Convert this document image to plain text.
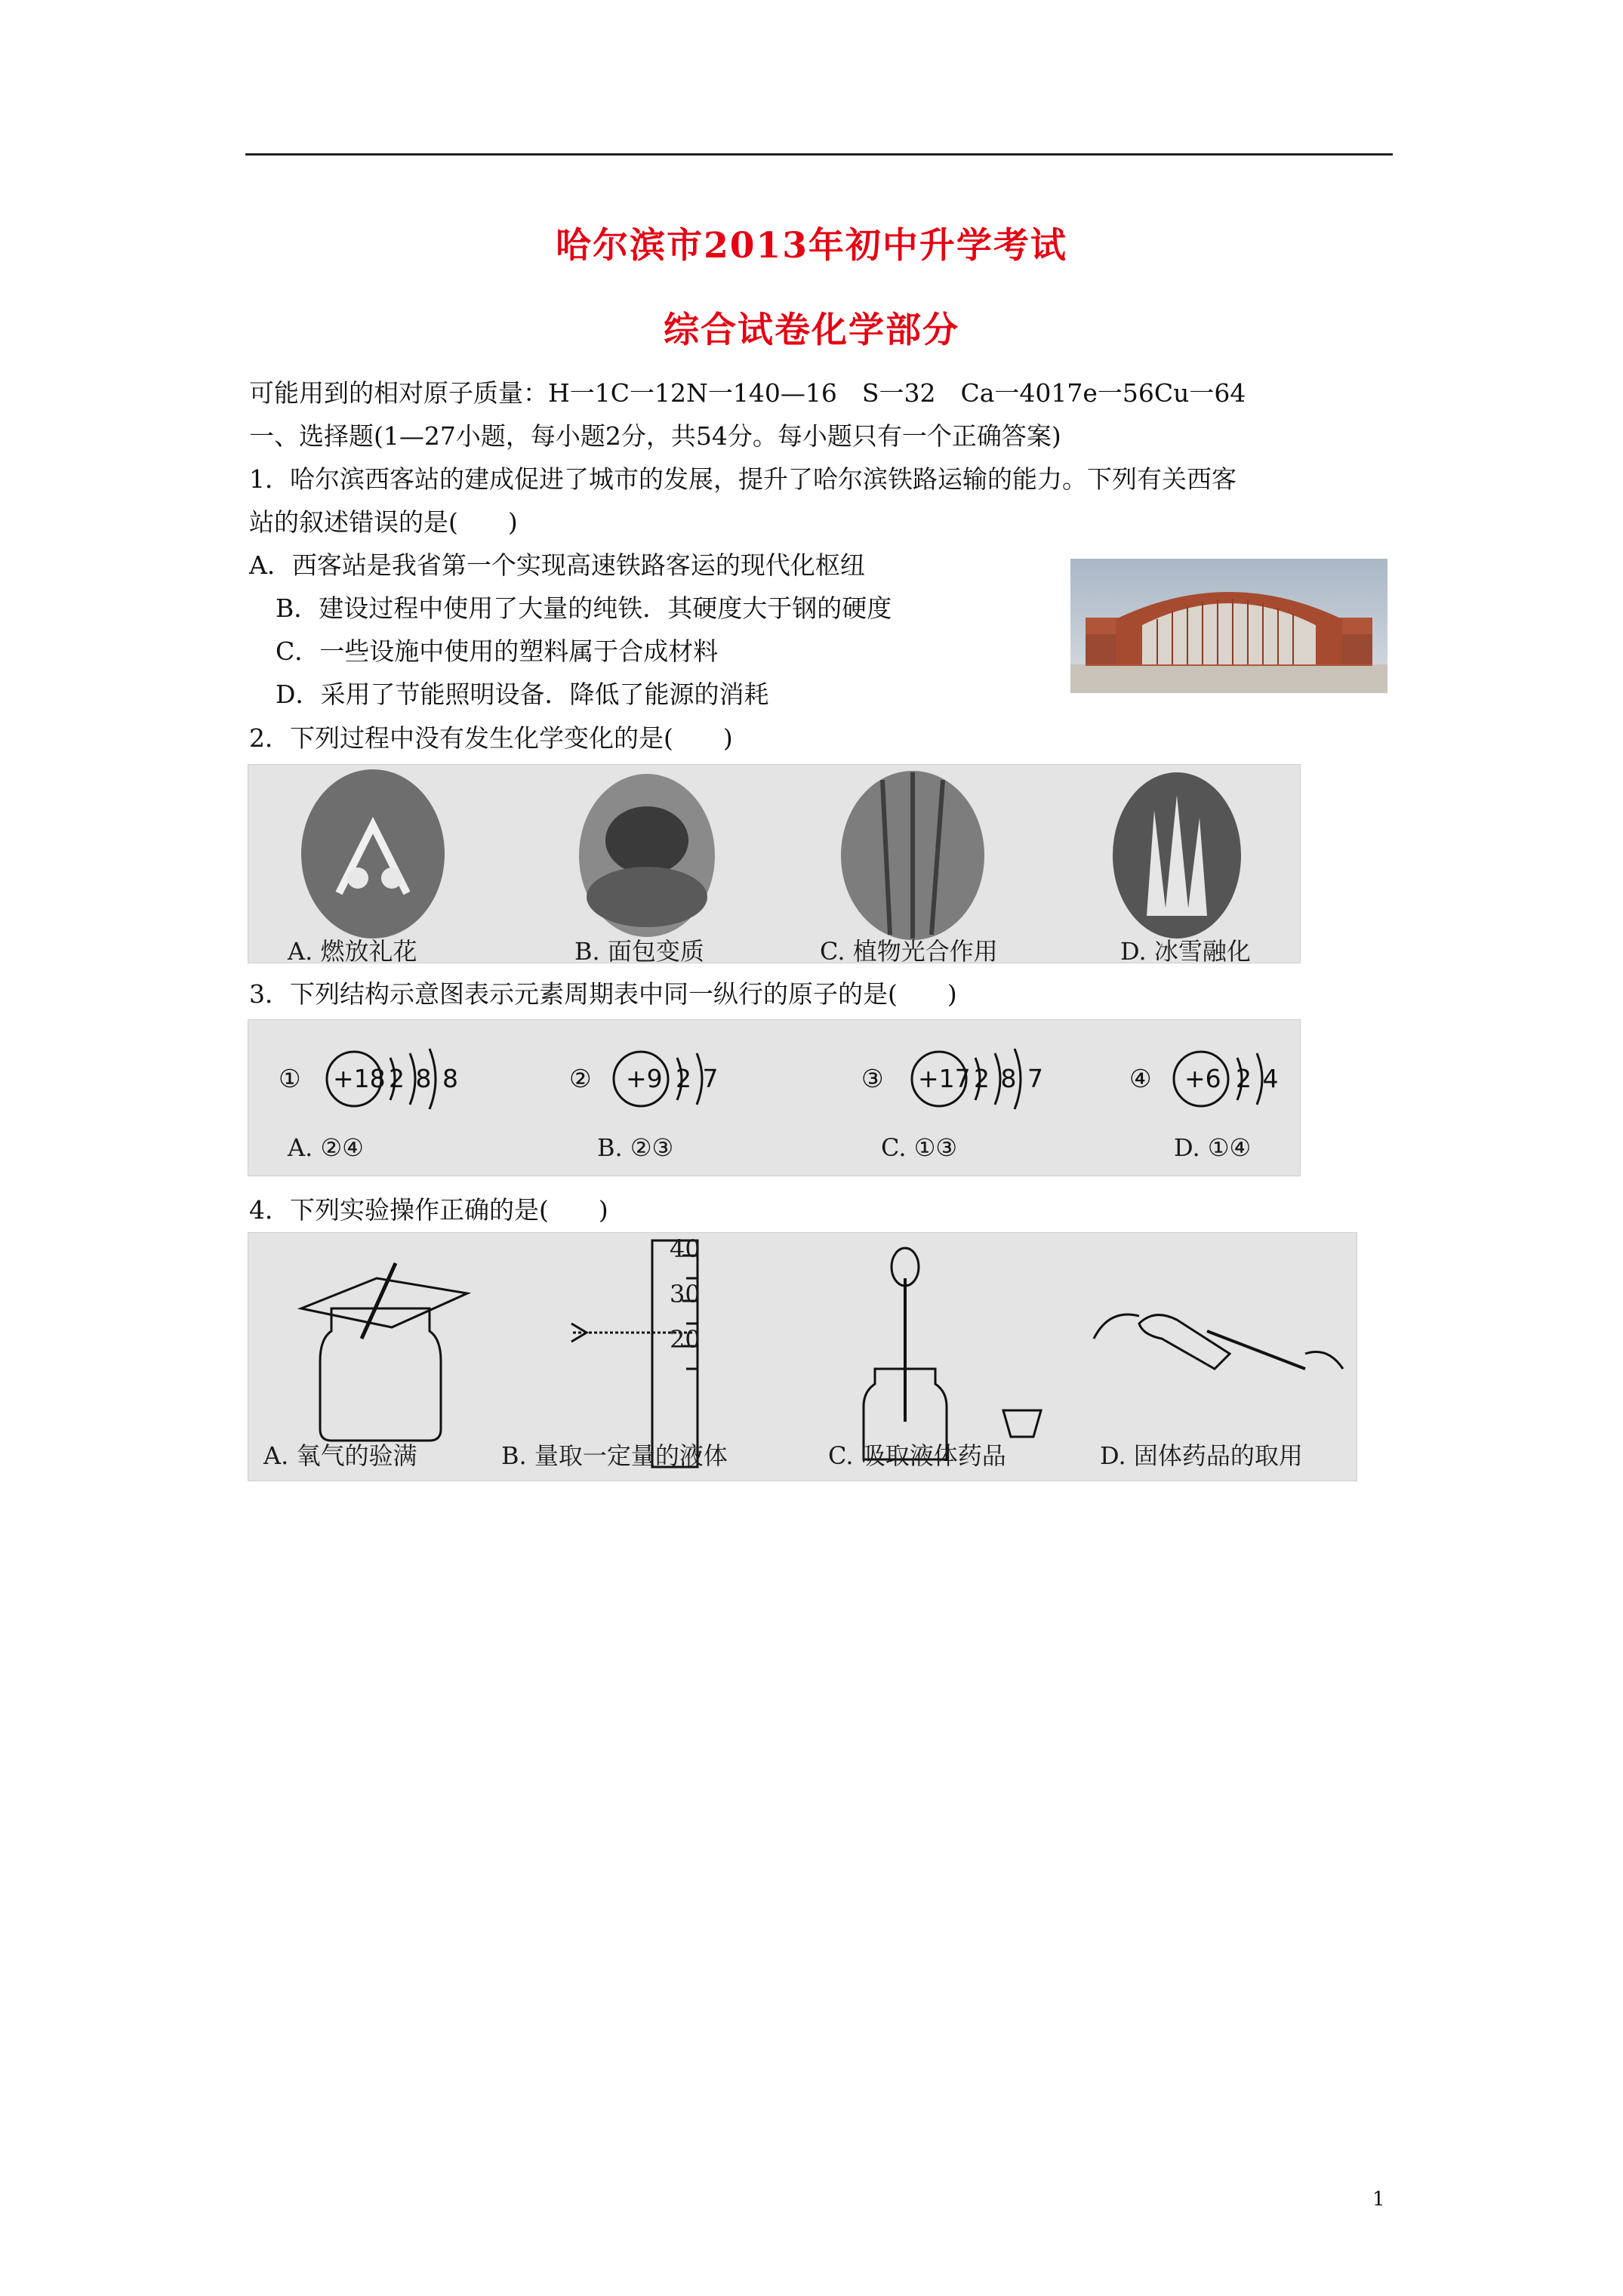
哈尔滨市2013年初中升学考试
综合试卷化学部分
可能用到的相对原子质量：H一1C一12N一140—16　S一32　Ca一4017e一56Cu一64
一、选择题(1—27小题，每小题2分，共54分。每小题只有一个正确答案)
1．哈尔滨西客站的建成促进了城市的发展，提升了哈尔滨铁路运输的能力。下列有关西客
站的叙述错误的是(　　)
A．西客站是我省第一个实现高速铁路客运的现代化枢纽
B．建设过程中使用了大量的纯铁．其硬度大于钢的硬度
C．一些设施中使用的塑料属于合成材料
D．采用了节能照明设备．降低了能源的消耗
2．下列过程中没有发生化学变化的是(　　)
A. 燃放礼花	B. 面包变质	C. 植物光合作用	D. 冰雪融化
3．下列结构示意图表示元素周期表中同一纵行的原子的是(　　)
① +18 2 8 8	② +9 2 7	③ +17 2 8 7	④ +6 2 4
A. ②④	B. ②③	C. ①③	D. ①④
4．下列实验操作正确的是(　　)
40
30
20
A. 氧气的验满	B. 量取一定量的液体	C. 吸取液体药品	D. 固体药品的取用
1
